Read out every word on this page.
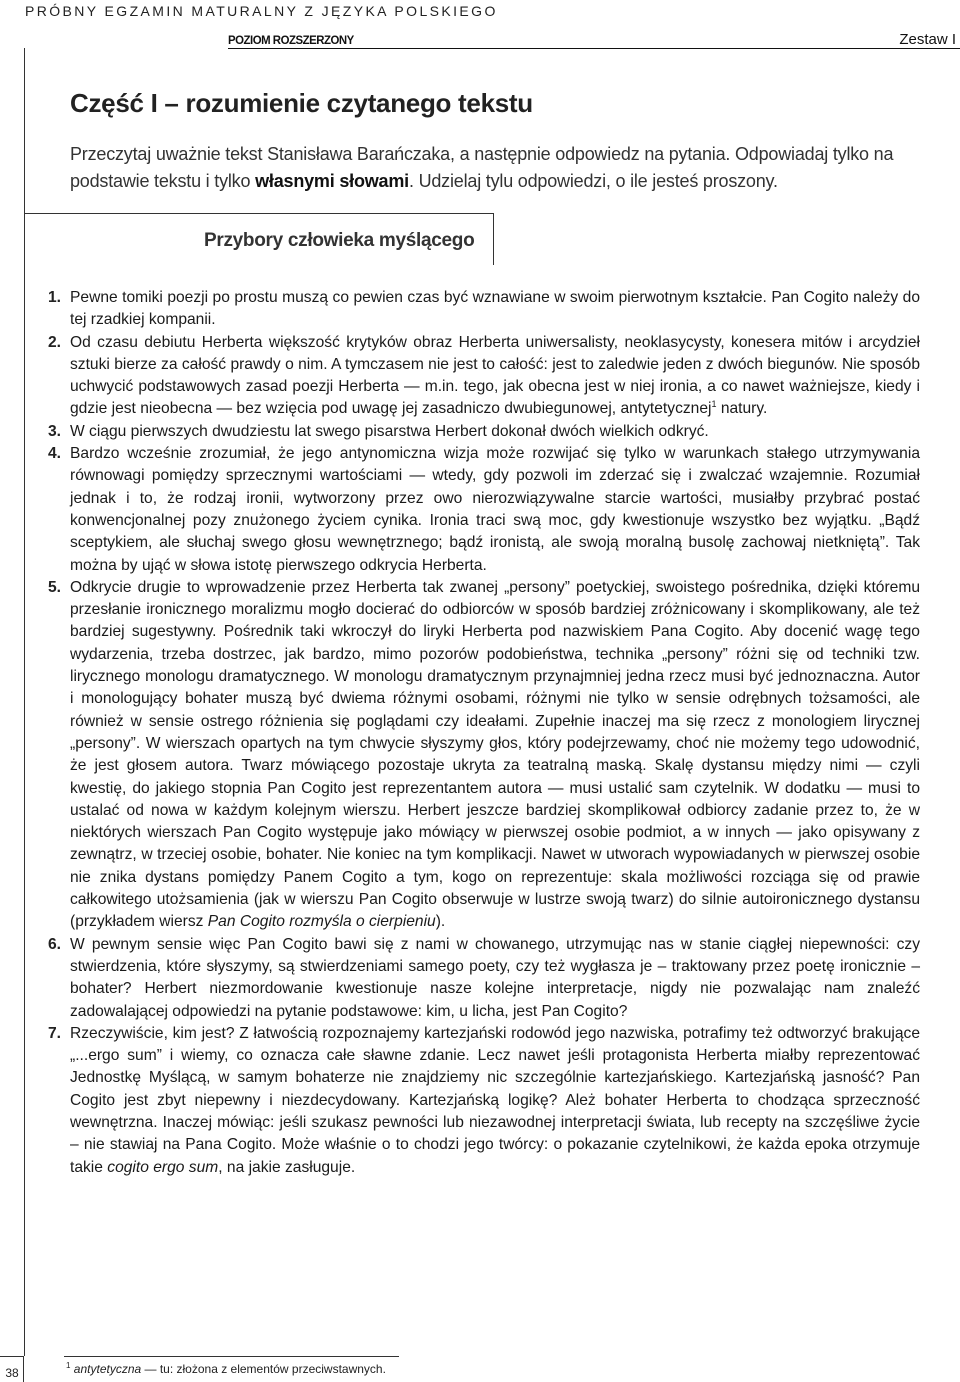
PRÓBNY EGZAMIN MATURALNY Z JĘZYKA POLSKIEGO
POZIOM ROZSZERZONY	Zestaw I
Część I – rozumienie czytanego tekstu

Przeczytaj uważnie tekst Stanisława Barańczaka, a następnie odpowiedz na pytania. Odpowiadaj tylko na podstawie tekstu i tylko własnymi słowami. Udzielaj tylu odpowiedzi, o ile jesteś proszony.

Przybory człowieka myślącego

1. Pewne tomiki poezji po prostu muszą co pewien czas być wznawiane w swoim pierwotnym kształcie. Pan Cogito należy do tej rzadkiej kompanii.

2. Od czasu debiutu Herberta większość krytyków obraz Herberta uniwersalisty, neoklasycysty, konesera mitów i arcydzieł sztuki bierze za całość prawdy o nim. A tymczasem nie jest to całość: jest to zaledwie jeden z dwóch biegunów. Nie sposób uchwycić podstawowych zasad poezji Herberta — m.in. tego, jak obecna jest w niej ironia, a co nawet ważniejsze, kiedy i gdzie jest nieobecna — bez wzięcia pod uwagę jej zasadniczo dwubiegunowej, antytetycznej$^1$ natury.

3. W ciągu pierwszych dwudziestu lat swego pisarstwa Herbert dokonał dwóch wielkich odkryć.

4. Bardzo wcześnie zrozumiał, że jego antynomiczna wizja może rozwijać się tylko w warunkach stałego utrzymywania równowagi pomiędzy sprzecznymi wartościami — wtedy, gdy pozwoli im zderzać się i zwalczać wzajemnie. Rozumiał jednak i to, że rodzaj ironii, wytworzony przez owo nierozwiązywalne starcie wartości, musiałby przybrać postać konwencjonalnej pozy znużonego życiem cynika. Ironia traci swą moc, gdy kwestionuje wszystko bez wyjątku. „Bądź sceptykiem, ale słuchaj swego głosu wewnętrznego; bądź ironistą, ale swoją moralną busolę zachowaj nietkniętą”. Tak można by ująć w słowa istotę pierwszego odkrycia Herberta.

5. Odkrycie drugie to wprowadzenie przez Herberta tak zwanej „persony” poetyckiej, swoistego pośrednika, dzięki któremu przesłanie ironicznego moralizmu mogło docierać do odbiorców w sposób bardziej zróżnicowany i skomplikowany, ale też bardziej sugestywny. Pośrednik taki wkroczył do liryki Herberta pod nazwiskiem Pana Cogito. Aby docenić wagę tego wydarzenia, trzeba dostrzec, jak bardzo, mimo pozorów podobieństwa, technika „persony” różni się od techniki tzw. lirycznego monologu dramatycznego. W monologu dramatycznym przynajmniej jedna rzecz musi być jednoznaczna. Autor i monologujący bohater muszą być dwiema różnymi osobami, różnymi nie tylko w sensie odrębnych tożsamości, ale również w sensie ostrego różnienia się poglądami czy ideałami. Zupełnie inaczej ma się rzecz z monologiem lirycznej „persony”. W wierszach opartych na tym chwycie słyszymy głos, który podejrzewamy, choć nie możemy tego udowodnić, że jest głosem autora. Twarz mówiącego pozostaje ukryta za teatralną maską. Skalę dystansu między nimi — czyli kwestię, do jakiego stopnia Pan Cogito jest reprezentantem autora — musi ustalić sam czytelnik. W dodatku — musi to ustalać od nowa w każdym kolejnym wierszu. Herbert jeszcze bardziej skomplikował odbiorcy zadanie przez to, że w niektórych wierszach Pan Cogito występuje jako mówiący w pierwszej osobie podmiot, a w innych — jako opisywany z zewnątrz, w trzeciej osobie, bohater. Nie koniec na tym komplikacji. Nawet w utworach wypowiadanych w pierwszej osobie nie znika dystans pomiędzy Panem Cogito a tym, kogo on reprezentuje: skala możliwości rozciąga się od prawie całkowitego utożsamienia (jak w wierszu Pan Cogito obserwuje w lustrze swoją twarz) do silnie autoironicznego dystansu (przykładem wiersz Pan Cogito rozmyśla o cierpieniu).

6. W pewnym sensie więc Pan Cogito bawi się z nami w chowanego, utrzymując nas w stanie ciągłej niepewności: czy stwierdzenia, które słyszymy, są stwierdzeniami samego poety, czy też wygłasza je – traktowany przez poetę ironicznie – bohater? Herbert niezmordowanie kwestionuje nasze kolejne interpretacje, nigdy nie pozwalając nam znaleźć zadowalającej odpowiedzi na pytanie podstawowe: kim, u licha, jest Pan Cogito?

7. Rzeczywiście, kim jest? Z łatwością rozpoznajemy kartezjański rodowód jego nazwiska, potrafimy też odtworzyć brakujące „...ergo sum” i wiemy, co oznacza całe sławne zdanie. Lecz nawet jeśli protagonista Herberta miałby reprezentować Jednostkę Myślącą, w samym bohaterze nie znajdziemy nic szczególnie kartezjańskiego. Kartezjańską jasność? Pan Cogito jest zbyt niepewny i niezdecydowany. Kartezjańską logikę? Ależ bohater Herberta to chodząca sprzeczność wewnętrzna. Inaczej mówiąc: jeśli szukasz pewności lub niezawodnej interpretacji świata, lub recepty na szczęśliwe życie – nie stawiaj na Pana Cogito. Może właśnie o to chodzi jego twórcy: o pokazanie czytelnikowi, że każda epoka otrzymuje takie cogito ergo sum, na jakie zasługuje.

38
$^1$ antytetyczna — tu: złożona z elementów przeciwstawnych.
